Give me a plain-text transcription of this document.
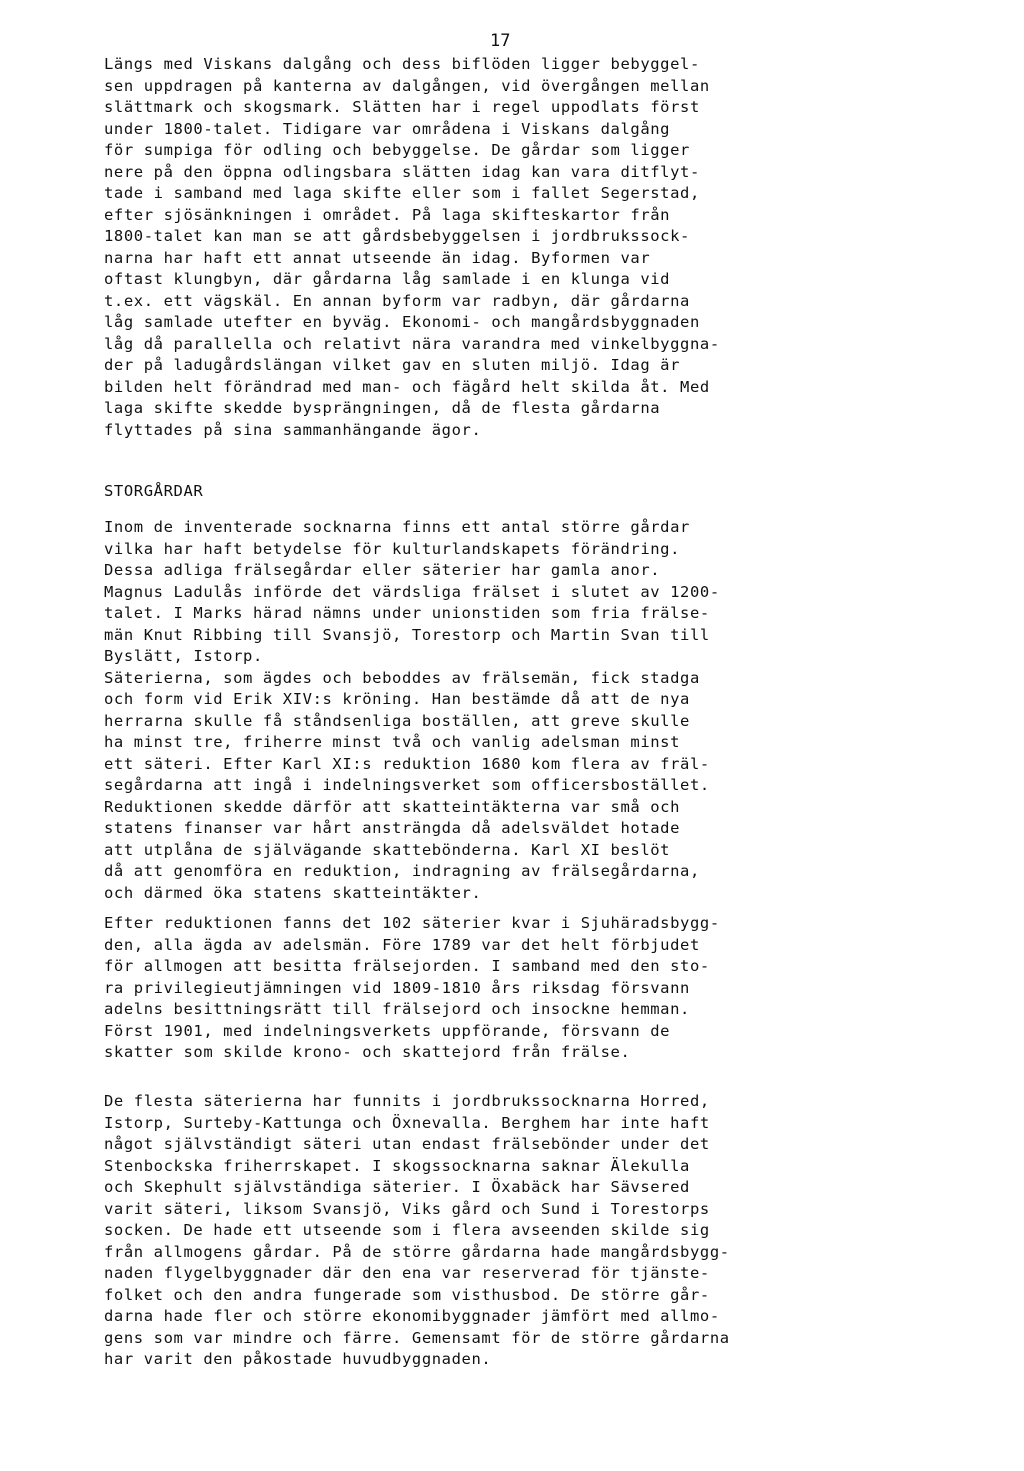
17
Längs med Viskans dalgång och dess biflöden ligger bebyggel-
sen uppdragen på kanterna av dalgången, vid övergången mellan
slättmark och skogsmark. Slätten har i regel uppodlats först
under 1800-talet. Tidigare var områdena i Viskans dalgång
för sumpiga för odling och bebyggelse. De gårdar som ligger
nere på den öppna odlingsbara slätten idag kan vara ditflyt-
tade i samband med laga skifte eller som i fallet Segerstad,
efter sjösänkningen i området. På laga skifteskartor från
1800-talet kan man se att gårdsbebyggelsen i jordbrukssock-
narna har haft ett annat utseende än idag. Byformen var
oftast klungbyn, där gårdarna låg samlade i en klunga vid
t.ex. ett vägskäl. En annan byform var radbyn, där gårdarna
låg samlade utefter en byväg. Ekonomi- och mangårdsbyggnaden
låg då parallella och relativt nära varandra med vinkelbyggna-
der på ladugårdslängan vilket gav en sluten miljö. Idag är
bilden helt förändrad med man- och fägård helt skilda åt. Med
laga skifte skedde bysprängningen, då de flesta gårdarna
flyttades på sina sammanhängande ägor.
STORGÅRDAR
Inom de inventerade socknarna finns ett antal större gårdar
vilka har haft betydelse för kulturlandskapets förändring.
Dessa adliga frälsegårdar eller säterier har gamla anor.
Magnus Ladulås införde det värdsliga frälset i slutet av 1200-
talet. I Marks härad nämns under unionstiden som fria frälse-
män Knut Ribbing till Svansjö, Torestorp och Martin Svan till
Byslätt, Istorp.
Säterierna, som ägdes och beboddes av frälsemän, fick stadga
och form vid Erik XIV:s kröning. Han bestämde då att de nya
herrarna skulle få ståndsenliga boställen, att greve skulle
ha minst tre, friherre minst två och vanlig adelsman minst
ett säteri. Efter Karl XI:s reduktion 1680 kom flera av fräl-
segårdarna att ingå i indelningsverket som officersbostället.
Reduktionen skedde därför att skatteintäkterna var små och
statens finanser var hårt ansträngda då adelsväldet hotade
att utplåna de självägande skattebönderna. Karl XI beslöt
då att genomföra en reduktion, indragning av frälsegårdarna,
och därmed öka statens skatteintäkter.
Efter reduktionen fanns det 102 säterier kvar i Sjuhäradsbygg-
den, alla ägda av adelsmän. Före 1789 var det helt förbjudet
för allmogen att besitta frälsejorden. I samband med den sto-
ra privilegieutjämningen vid 1809-1810 års riksdag försvann
adelns besittningsrätt till frälsejord och insockne hemman.
Först 1901, med indelningsverkets uppförande, försvann de
skatter som skilde krono- och skattejord från frälse.
De flesta säterierna har funnits i jordbrukssocknarna Horred,
Istorp, Surteby-Kattunga och Öxnevalla. Berghem har inte haft
något självständigt säteri utan endast frälsebönder under det
Stenbockska friherrskapet. I skogssocknarna saknar Älekulla
och Skephult självständiga säterier. I Öxabäck har Sävsered
varit säteri, liksom Svansjö, Viks gård och Sund i Torestorps
socken. De hade ett utseende som i flera avseenden skilde sig
från allmogens gårdar. På de större gårdarna hade mangårdsbygg-
naden flygelbyggnader där den ena var reserverad för tjänste-
folket och den andra fungerade som visthusbod. De större går-
darna hade fler och större ekonomibyggnader jämfört med allmo-
gens som var mindre och färre. Gemensamt för de större gårdarna
har varit den påkostade huvudbyggnaden.
